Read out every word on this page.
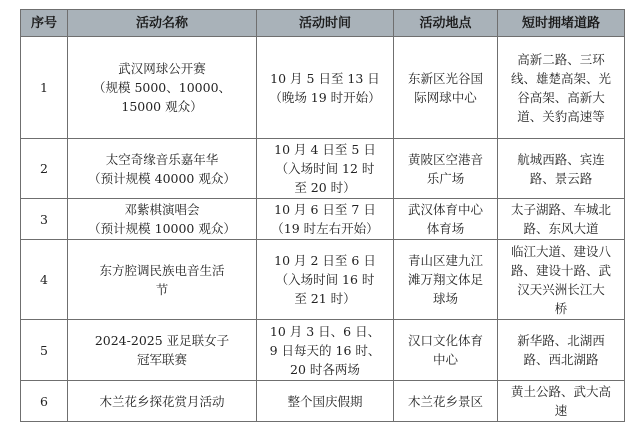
序号	活动名称	活动时间	活动地点	短时拥堵道路
1	武汉网球公开赛
（规模 5000、10000、
15000 观众）	10 月 5 日至 13 日
（晚场 19 时开始）	东新区光谷国
际网球中心	高新二路、三环
线、雄楚高架、光
谷高架、高新大
道、关豹高速等

2	太空奇缘音乐嘉年华
（预计规模 40000 观众）	10 月 4 日至 5 日
（入场时间 12 时
至 20 时）	黄陂区空港音
乐广场	航城西路、宾连
路、景云路

3	邓紫棋演唱会
（预计规模 10000 观众）	10 月 6 日至 7 日
（19 时左右开始）	武汉体育中心
体育场	太子湖路、车城北
路、东风大道

4	东方腔调民族电音生活
节	10 月 2 日至 6 日
（入场时间 16 时
至 21 时）	青山区建九江
滩万翔文体足
球场	临江大道、建设八
路、建设十路、武
汉天兴洲长江大
桥

5	2024-2025 亚足联女子
冠军联赛	10 月 3 日、6 日、
9 日每天的 16 时、
20 时各两场	汉口文化体育
中心	新华路、北湖西
路、西北湖路

6	木兰花乡探花赏月活动	整个国庆假期	木兰花乡景区	黄土公路、武大高
速
